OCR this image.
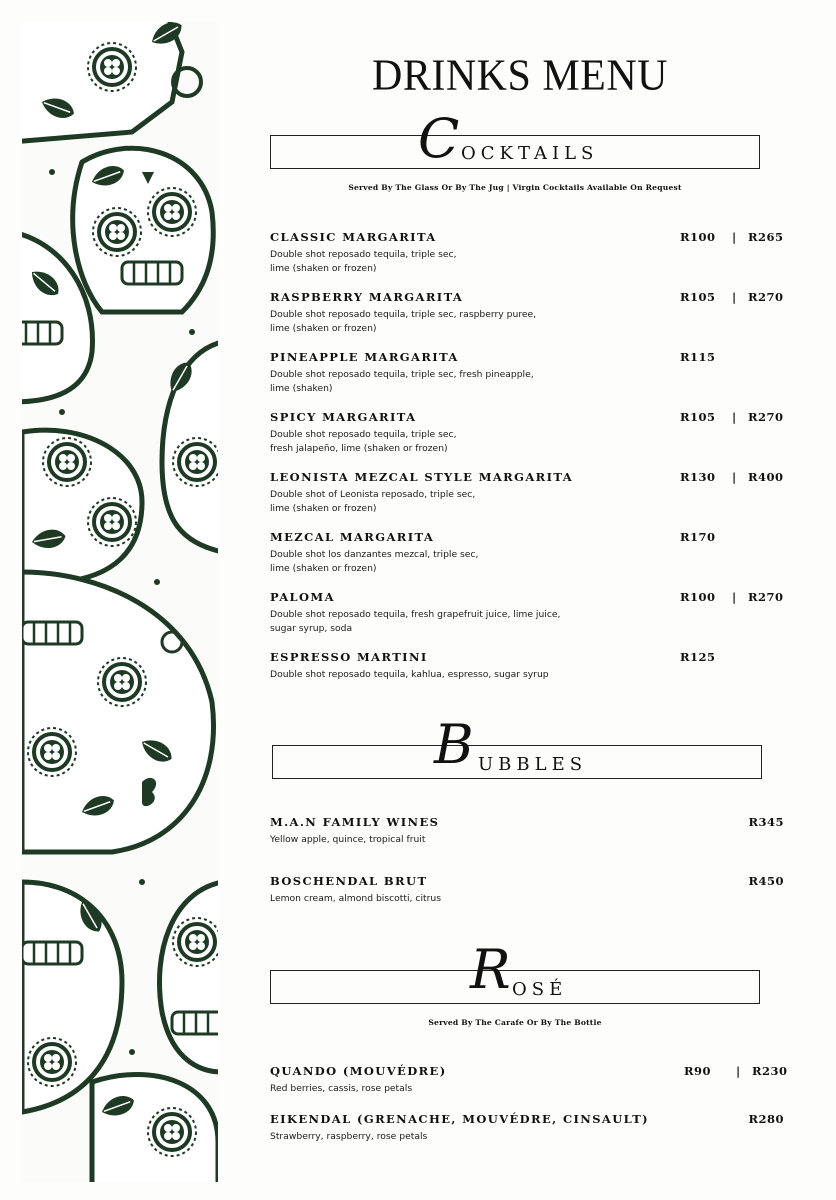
DRINKS MENU
C OCKTAILS
Served By The Glass Or By The Jug | Virgin Cocktails Available On Request
CLASSIC MARGARITA
Double shot reposado tequila, triple sec,
lime (shaken or frozen)
R100 | R265
RASPBERRY MARGARITA
Double shot reposado tequila, triple sec, raspberry puree,
lime (shaken or frozen)
R105 | R270
PINEAPPLE MARGARITA
Double shot reposado tequila, triple sec, fresh pineapple,
lime (shaken)
R115
SPICY MARGARITA
Double shot reposado tequila, triple sec,
fresh jalapeño, lime (shaken or frozen)
R105 | R270
LEONISTA MEZCAL STYLE MARGARITA
Double shot of Leonista reposado, triple sec,
lime (shaken or frozen)
R130 | R400
MEZCAL MARGARITA
Double shot los danzantes mezcal, triple sec,
lime (shaken or frozen)
R170
PALOMA
Double shot reposado tequila, fresh grapefruit juice, lime juice,
sugar syrup, soda
R100 | R270
ESPRESSO MARTINI
Double shot reposado tequila, kahlua, espresso, sugar syrup
R125
B UBBLES
M.A.N FAMILY WINES
Yellow apple, quince, tropical fruit
R345
BOSCHENDAL BRUT
Lemon cream, almond biscotti, citrus
R450
R OSÉ
Served By The Carafe Or By The Bottle
QUANDO (MOUVÉDRE)
Red berries, cassis, rose petals
R90 | R230
EIKENDAL (GRENACHE, MOUVÉDRE, CINSAULT)
Strawberry, raspberry, rose petals
R280
